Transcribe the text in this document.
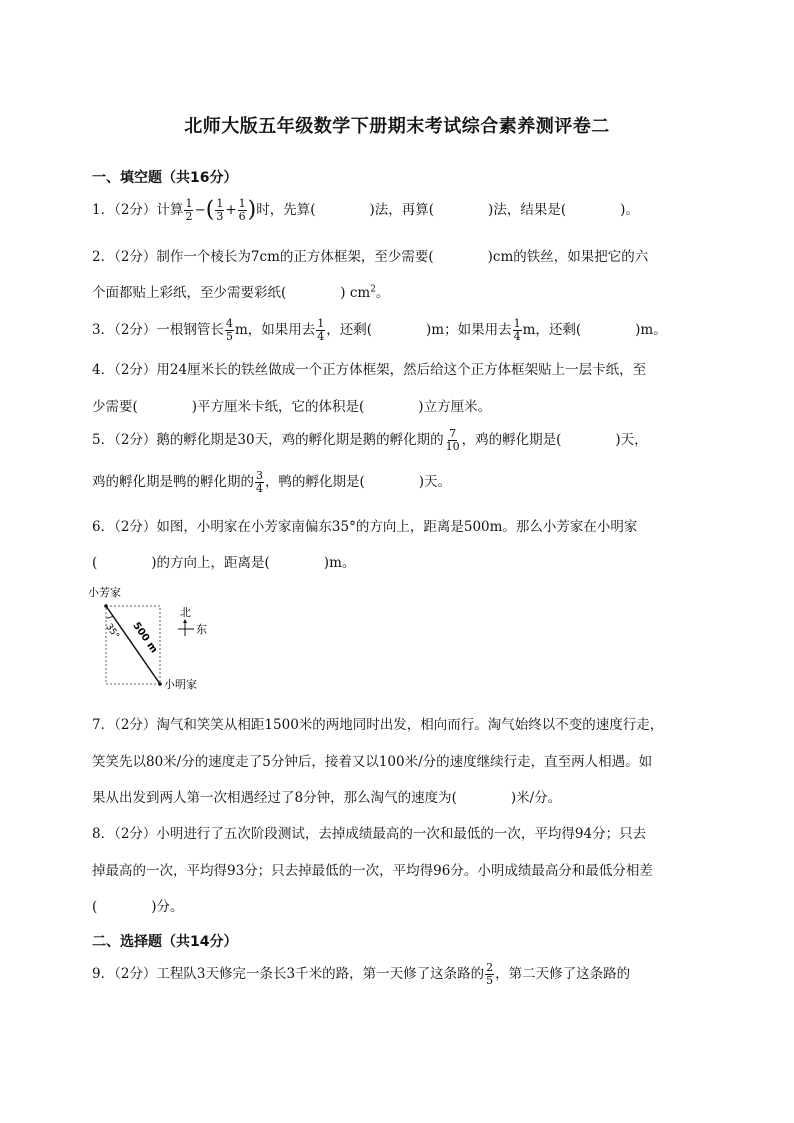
北师大版五年级数学下册期末考试综合素养测评卷二
一、填空题（共16分）
1．（2分）计算 $\frac{1}{2}$ −( $\frac{1}{3} + \frac{1}{6}$ )时，先算(　　　　)法，再算(　　　　)法，结果是(　　　　)。
2．（2分）制作一个棱长为7cm的正方体框架，至少需要(　　　　)cm的铁丝，如果把它的六
个面都贴上彩纸，至少需要彩纸(　　　　) $cm^2$。
3．（2分）一根钢管长 $\frac{4}{5}$ m，如果用去 $\frac{1}{4}$ ，还剩(　　　　)m；如果用去 $\frac{1}{4}$ m，还剩(　　　　)m。
4．（2分）用24厘米长的铁丝做成一个正方体框架，然后给这个正方体框架贴上一层卡纸，至
少需要(　　　　)平方厘米卡纸，它的体积是(　　　　)立方厘米。
5．（2分）鹅的孵化期是30天，鸡的孵化期是鹅的孵化期的 $\frac{7}{10}$ ，鸡的孵化期是(　　　　)天，
鸡的孵化期是鸭的孵化期的 $\frac{3}{4}$ ，鸭的孵化期是(　　　　)天。
6．（2分）如图，小明家在小芳家南偏东35°的方向上，距离是500m。那么小芳家在小明家
(　　　　)的方向上，距离是(　　　　)m。
小芳家
35° 500 m
小明家
北
东
7．（2分）淘气和笑笑从相距1500米的两地同时出发，相向而行。淘气始终以不变的速度行走，
笑笑先以80米/分的速度走了5分钟后，接着又以100米/分的速度继续行走，直至两人相遇。如
果从出发到两人第一次相遇经过了8分钟，那么淘气的速度为(　　　　)米/分。
8．（2分）小明进行了五次阶段测试，去掉成绩最高的一次和最低的一次，平均得94分；只去
掉最高的一次，平均得93分；只去掉最低的一次，平均得96分。小明成绩最高分和最低分相差
(　　　　)分。
二、选择题（共14分）
9．（2分）工程队3天修完一条长3千米的路，第一天修了这条路的 $\frac{2}{5}$ ，第二天修了这条路的
